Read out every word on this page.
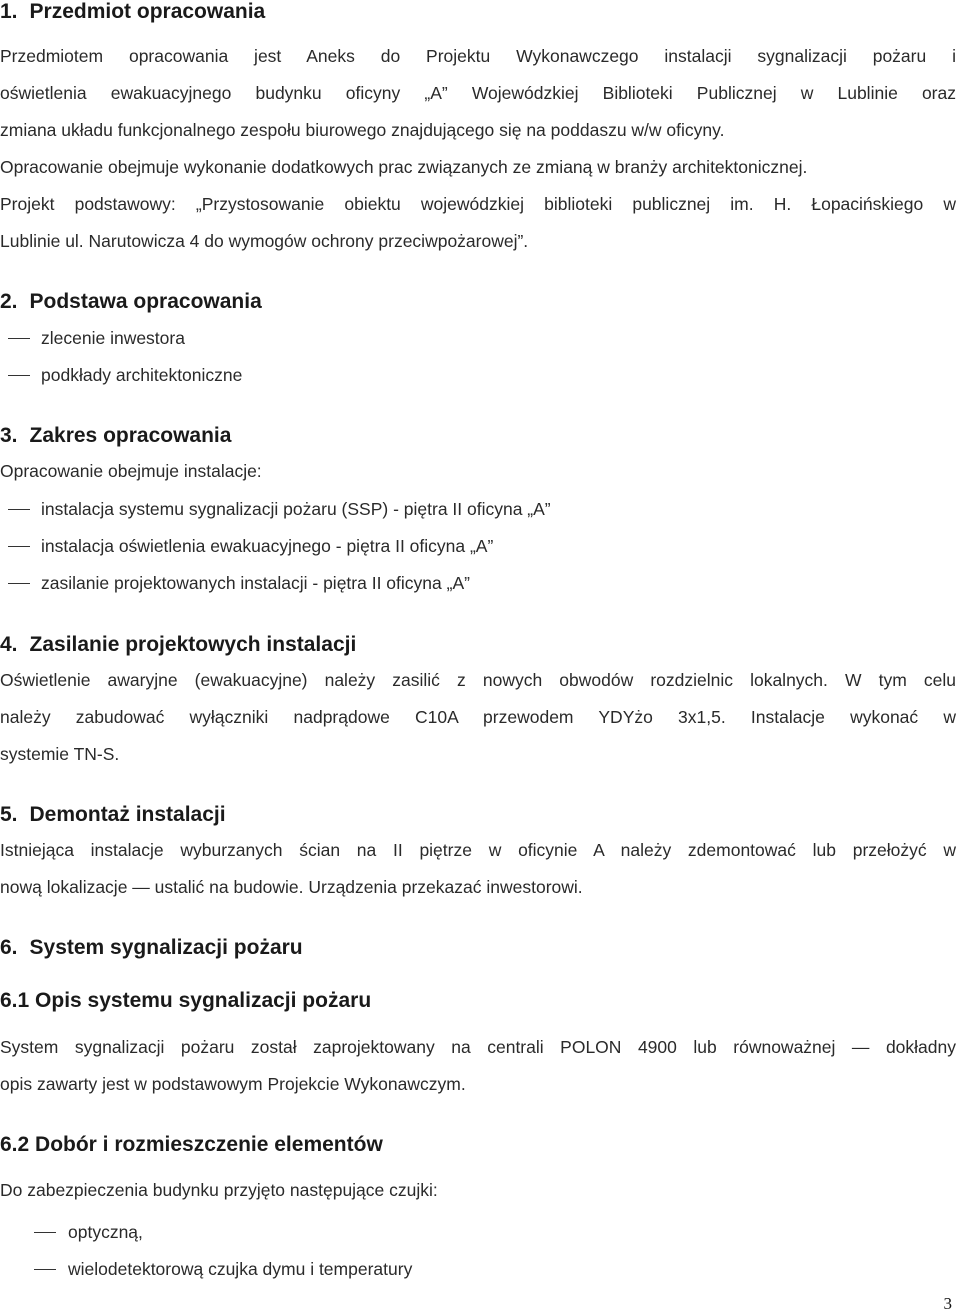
1. Przedmiot opracowania
Przedmiotem opracowania jest Aneks do Projektu Wykonawczego instalacji sygnalizacji pożaru i
oświetlenia ewakuacyjnego budynku oficyny „A” Wojewódzkiej Biblioteki Publicznej w Lublinie oraz
zmiana układu funkcjonalnego zespołu biurowego znajdującego się na poddaszu w/w oficyny.
Opracowanie obejmuje wykonanie dodatkowych prac związanych ze zmianą w branży architektonicznej.
Projekt podstawowy: „Przystosowanie obiektu wojewódzkiej biblioteki publicznej im. H. Łopacińskiego w
Lublinie ul. Narutowicza 4 do wymogów ochrony przeciwpożarowej”.
2. Podstawa opracowania
zlecenie inwestora
podkłady architektoniczne
3. Zakres opracowania
Opracowanie obejmuje instalacje:
instalacja systemu sygnalizacji pożaru (SSP) - piętra II oficyna „A”
instalacja oświetlenia ewakuacyjnego - piętra II oficyna „A”
zasilanie projektowanych instalacji - piętra II oficyna „A”
4. Zasilanie projektowych instalacji
Oświetlenie awaryjne (ewakuacyjne) należy zasilić z nowych obwodów rozdzielnic lokalnych. W tym celu
należy zabudować wyłączniki nadprądowe C10A przewodem YDYżo 3x1,5. Instalacje wykonać w
systemie TN-S.
5. Demontaż instalacji
Istniejąca instalacje wyburzanych ścian na II piętrze w oficynie A należy zdemontować lub przełożyć w
nową lokalizacje — ustalić na budowie. Urządzenia przekazać inwestorowi.
6. System sygnalizacji pożaru
6.1 Opis systemu sygnalizacji pożaru
System sygnalizacji pożaru został zaprojektowany na centrali POLON 4900 lub równoważnej — dokładny
opis zawarty jest w podstawowym Projekcie Wykonawczym.
6.2 Dobór i rozmieszczenie elementów
Do zabezpieczenia budynku przyjęto następujące czujki:
optyczną,
wielodetektorową czujka dymu i temperatury
3
